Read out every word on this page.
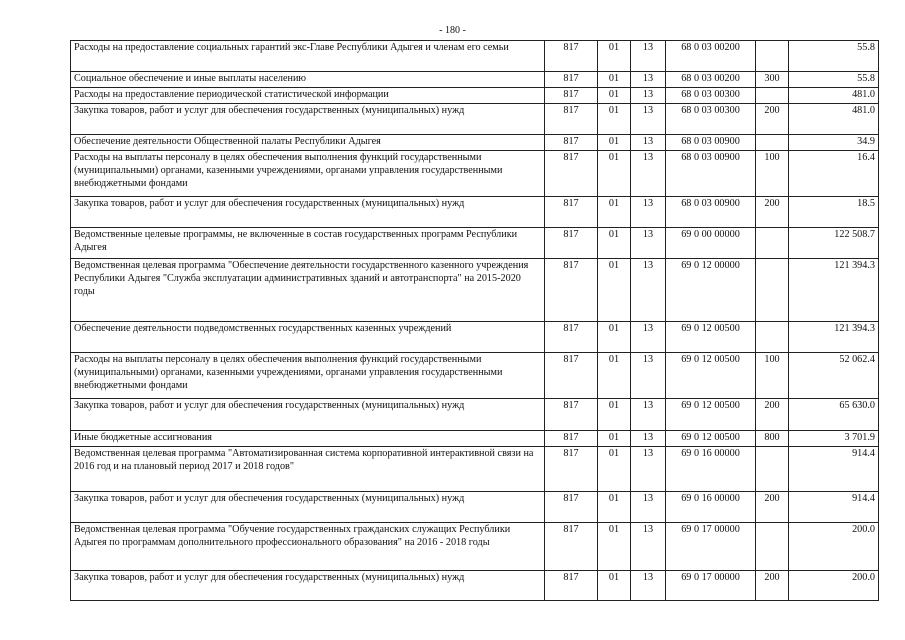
- 180 -
Расходы на предоставление социальных гарантий экс-Главе Республики Адыгея и членам его семьи	817	01	13	68 0 03 00200		55.8
Социальное обеспечение и иные выплаты населению	817	01	13	68 0 03 00200	300	55.8
Расходы на предоставление периодической статистической информации	817	01	13	68 0 03 00300		481.0
Закупка товаров, работ и услуг для обеспечения государственных (муниципальных) нужд	817	01	13	68 0 03 00300	200	481.0
Обеспечение деятельности Общественной палаты Республики Адыгея	817	01	13	68 0 03 00900		34.9
Расходы на выплаты персоналу в целях обеспечения выполнения функций государственными (муниципальными) органами, казенными учреждениями, органами управления государственными внебюджетными фондами	817	01	13	68 0 03 00900	100	16.4
Закупка товаров, работ и услуг для обеспечения государственных (муниципальных) нужд	817	01	13	68 0 03 00900	200	18.5
Ведомственные целевые программы, не включенные в состав государственных программ Республики Адыгея	817	01	13	69 0 00 00000		122 508.7
Ведомственная целевая программа "Обеспечение деятельности государственного казенного учреждения Республики Адыгея "Служба эксплуатации административных зданий и автотранспорта" на 2015-2020 годы	817	01	13	69 0 12 00000		121 394.3
Обеспечение деятельности подведомственных государственных казенных учреждений	817	01	13	69 0 12 00500		121 394.3
Расходы на выплаты персоналу в целях обеспечения выполнения функций государственными (муниципальными) органами, казенными учреждениями, органами управления государственными внебюджетными фондами	817	01	13	69 0 12 00500	100	52 062.4
Закупка товаров, работ и услуг для обеспечения государственных (муниципальных) нужд	817	01	13	69 0 12 00500	200	65 630.0
Иные бюджетные ассигнования	817	01	13	69 0 12 00500	800	3 701.9
Ведомственная целевая программа "Автоматизированная система корпоративной интерактивной связи на 2016 год и на плановый период 2017 и 2018 годов"	817	01	13	69 0 16 00000		914.4
Закупка товаров, работ и услуг для обеспечения государственных (муниципальных) нужд	817	01	13	69 0 16 00000	200	914.4
Ведомственная целевая программа "Обучение государственных гражданских служащих Республики Адыгея по программам дополнительного профессионального образования" на 2016 - 2018 годы	817	01	13	69 0 17 00000		200.0
Закупка товаров, работ и услуг для обеспечения государственных (муниципальных) нужд	817	01	13	69 0 17 00000	200	200.0
